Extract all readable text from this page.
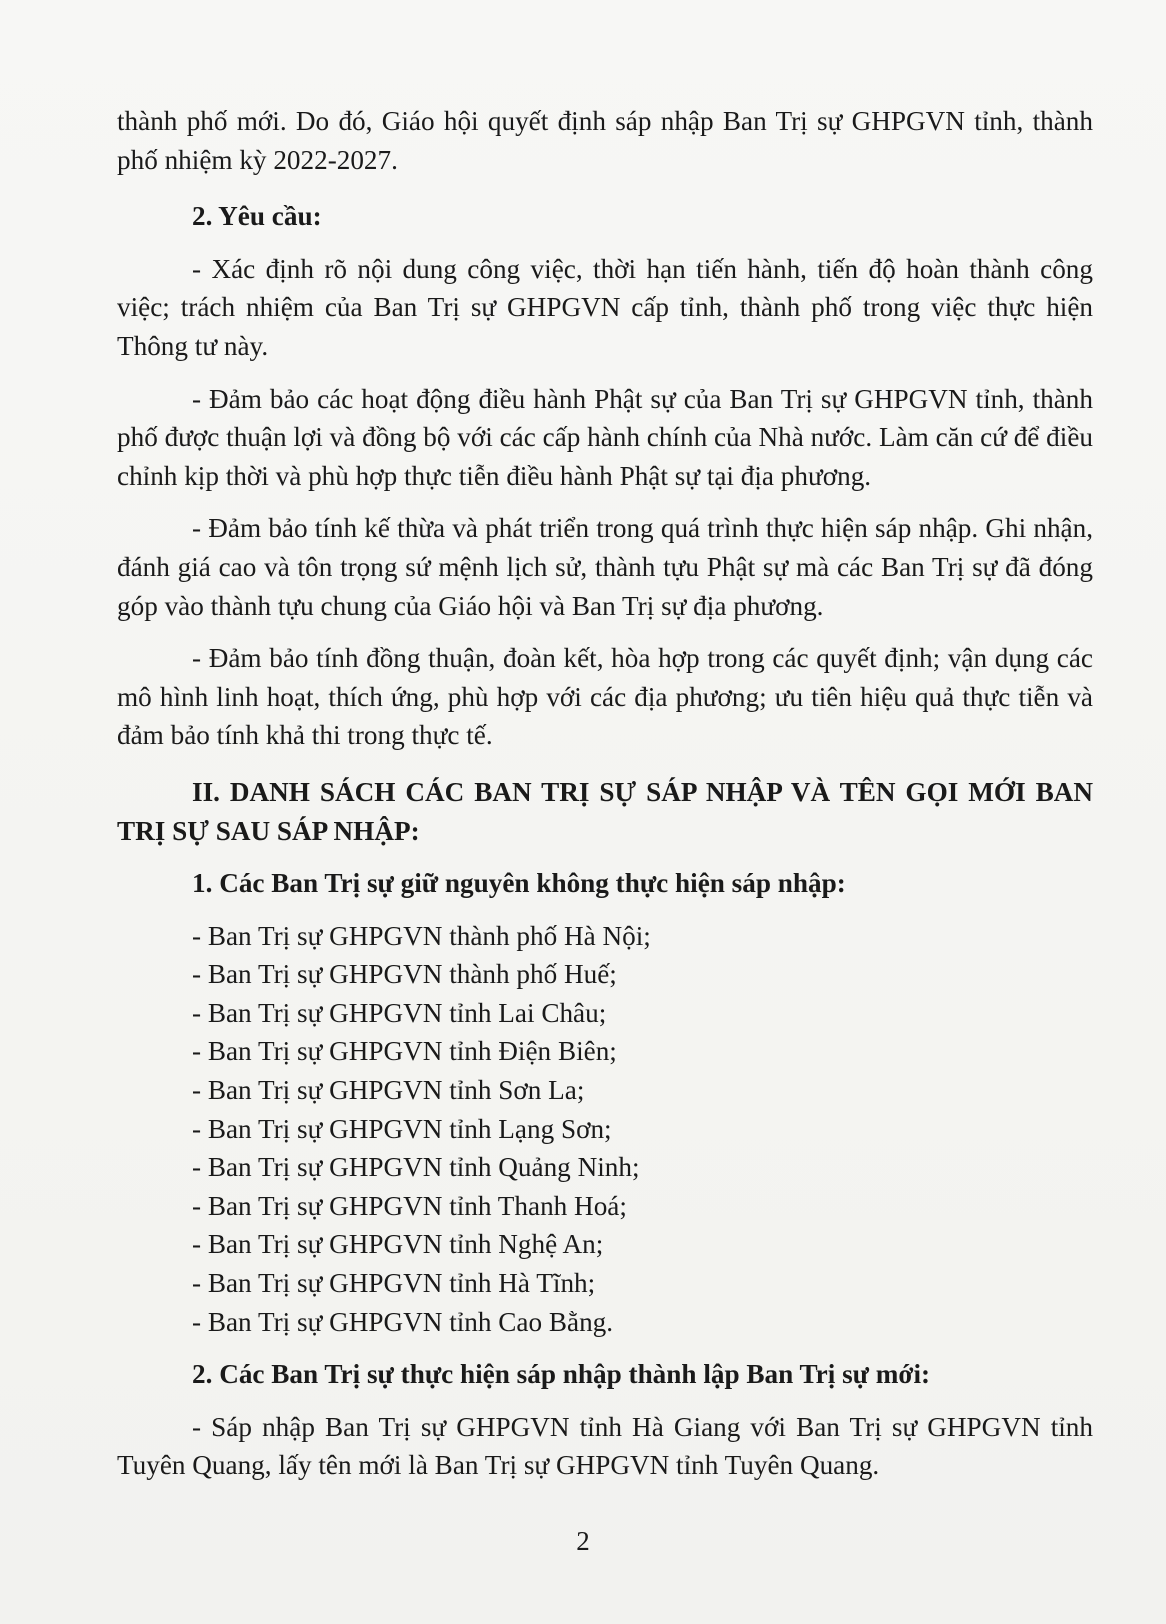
thành phố mới. Do đó, Giáo hội quyết định sáp nhập Ban Trị sự GHPGVN tỉnh, thành phố nhiệm kỳ 2022-2027.

2. Yêu cầu:

- Xác định rõ nội dung công việc, thời hạn tiến hành, tiến độ hoàn thành công việc; trách nhiệm của Ban Trị sự GHPGVN cấp tỉnh, thành phố trong việc thực hiện Thông tư này.

- Đảm bảo các hoạt động điều hành Phật sự của Ban Trị sự GHPGVN tỉnh, thành phố được thuận lợi và đồng bộ với các cấp hành chính của Nhà nước. Làm căn cứ để điều chỉnh kịp thời và phù hợp thực tiễn điều hành Phật sự tại địa phương.

- Đảm bảo tính kế thừa và phát triển trong quá trình thực hiện sáp nhập. Ghi nhận, đánh giá cao và tôn trọng sứ mệnh lịch sử, thành tựu Phật sự mà các Ban Trị sự đã đóng góp vào thành tựu chung của Giáo hội và Ban Trị sự địa phương.

- Đảm bảo tính đồng thuận, đoàn kết, hòa hợp trong các quyết định; vận dụng các mô hình linh hoạt, thích ứng, phù hợp với các địa phương; ưu tiên hiệu quả thực tiễn và đảm bảo tính khả thi trong thực tế.

II. DANH SÁCH CÁC BAN TRỊ SỰ SÁP NHẬP VÀ TÊN GỌI MỚI BAN TRỊ SỰ SAU SÁP NHẬP:

1. Các Ban Trị sự giữ nguyên không thực hiện sáp nhập:

- Ban Trị sự GHPGVN thành phố Hà Nội;
- Ban Trị sự GHPGVN thành phố Huế;
- Ban Trị sự GHPGVN tỉnh Lai Châu;
- Ban Trị sự GHPGVN tỉnh Điện Biên;
- Ban Trị sự GHPGVN tỉnh Sơn La;
- Ban Trị sự GHPGVN tỉnh Lạng Sơn;
- Ban Trị sự GHPGVN tỉnh Quảng Ninh;
- Ban Trị sự GHPGVN tỉnh Thanh Hoá;
- Ban Trị sự GHPGVN tỉnh Nghệ An;
- Ban Trị sự GHPGVN tỉnh Hà Tĩnh;
- Ban Trị sự GHPGVN tỉnh Cao Bằng.

2. Các Ban Trị sự thực hiện sáp nhập thành lập Ban Trị sự mới:

- Sáp nhập Ban Trị sự GHPGVN tỉnh Hà Giang với Ban Trị sự GHPGVN tỉnh Tuyên Quang, lấy tên mới là Ban Trị sự GHPGVN tỉnh Tuyên Quang.

2
